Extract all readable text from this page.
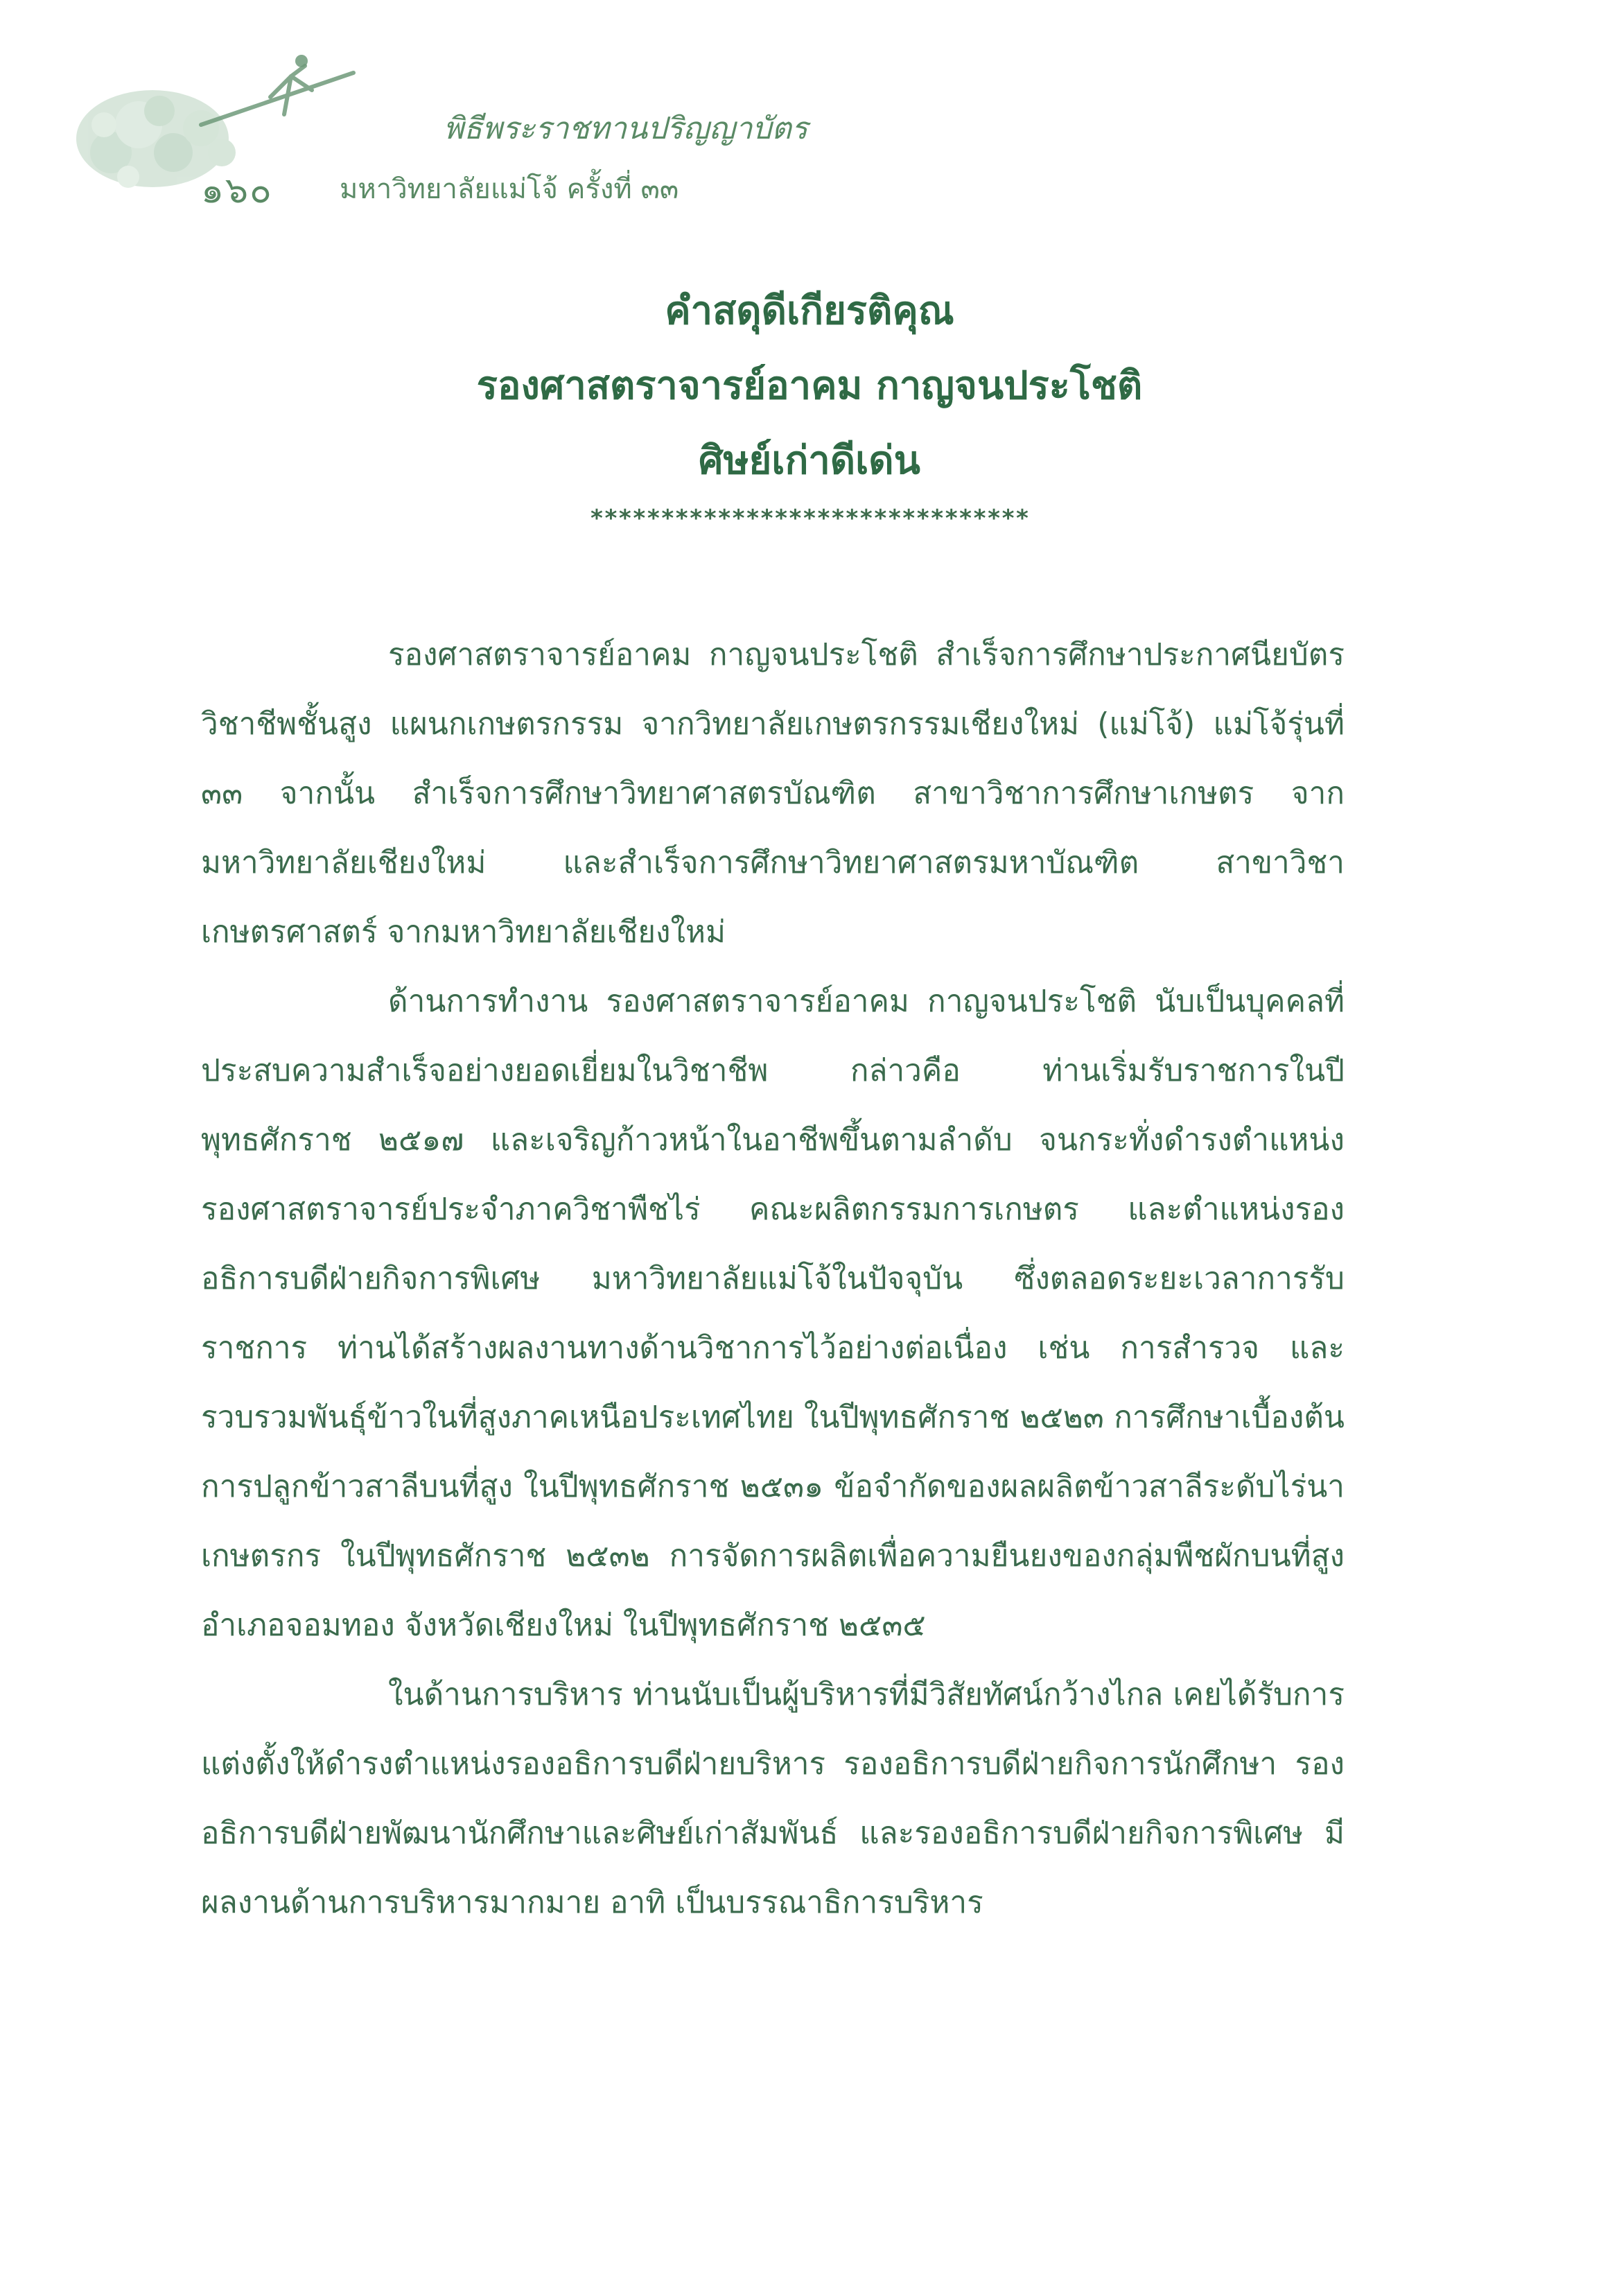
พิธีพระราชทานปริญญาบัตร
๑๖๐ มหาวิทยาลัยแม่โจ้ ครั้งที่ ๓๓
คำสดุดีเกียรติคุณ
รองศาสตราจารย์อาคม กาญจนประโชติ
ศิษย์เก่าดีเด่น
*******************************

รองศาสตราจารย์อาคม กาญจนประโชติ สำเร็จการศึกษาประกาศนียบัตรวิชาชีพชั้นสูง แผนกเกษตรกรรม จากวิทยาลัยเกษตรกรรมเชียงใหม่ (แม่โจ้) แม่โจ้รุ่นที่ ๓๓ จากนั้น สำเร็จการศึกษาวิทยาศาสตรบัณฑิต สาขาวิชาการศึกษาเกษตร จากมหาวิทยาลัยเชียงใหม่ และสำเร็จการศึกษาวิทยาศาสตรมหาบัณฑิต สาขาวิชาเกษตรศาสตร์ จากมหาวิทยาลัยเชียงใหม่

ด้านการทำงาน รองศาสตราจารย์อาคม กาญจนประโชติ นับเป็นบุคคลที่ประสบความสำเร็จอย่างยอดเยี่ยมในวิชาชีพ กล่าวคือ ท่านเริ่มรับราชการในปีพุทธศักราช ๒๕๑๗ และเจริญก้าวหน้าในอาชีพขึ้นตามลำดับ จนกระทั่งดำรงตำแหน่ง รองศาสตราจารย์ประจำภาควิชาพืชไร่ คณะผลิตกรรมการเกษตร และตำแหน่งรองอธิการบดีฝ่ายกิจการพิเศษ มหาวิทยาลัยแม่โจ้ในปัจจุบัน ซึ่งตลอดระยะเวลาการรับราชการ ท่านได้สร้างผลงานทางด้านวิชาการไว้อย่างต่อเนื่อง เช่น การสำรวจ และรวบรวมพันธุ์ข้าวในที่สูงภาคเหนือประเทศไทย ในปีพุทธศักราช ๒๕๒๓ การศึกษาเบื้องต้นการปลูกข้าวสาลีบนที่สูง ในปีพุทธศักราช ๒๕๓๑ ข้อจำกัดของผลผลิตข้าวสาลีระดับไร่นาเกษตรกร ในปีพุทธศักราช ๒๕๓๒ การจัดการผลิตเพื่อความยืนยงของกลุ่มพืชผักบนที่สูง อำเภอจอมทอง จังหวัดเชียงใหม่ ในปีพุทธศักราช ๒๕๓๕

ในด้านการบริหาร ท่านนับเป็นผู้บริหารที่มีวิสัยทัศน์กว้างไกล เคยได้รับการแต่งตั้งให้ดำรงตำแหน่งรองอธิการบดีฝ่ายบริหาร รองอธิการบดีฝ่ายกิจการนักศึกษา รองอธิการบดีฝ่ายพัฒนานักศึกษาและศิษย์เก่าสัมพันธ์ และรองอธิการบดีฝ่ายกิจการพิเศษ มีผลงานด้านการบริหารมากมาย อาทิ เป็นบรรณาธิการบริหาร
